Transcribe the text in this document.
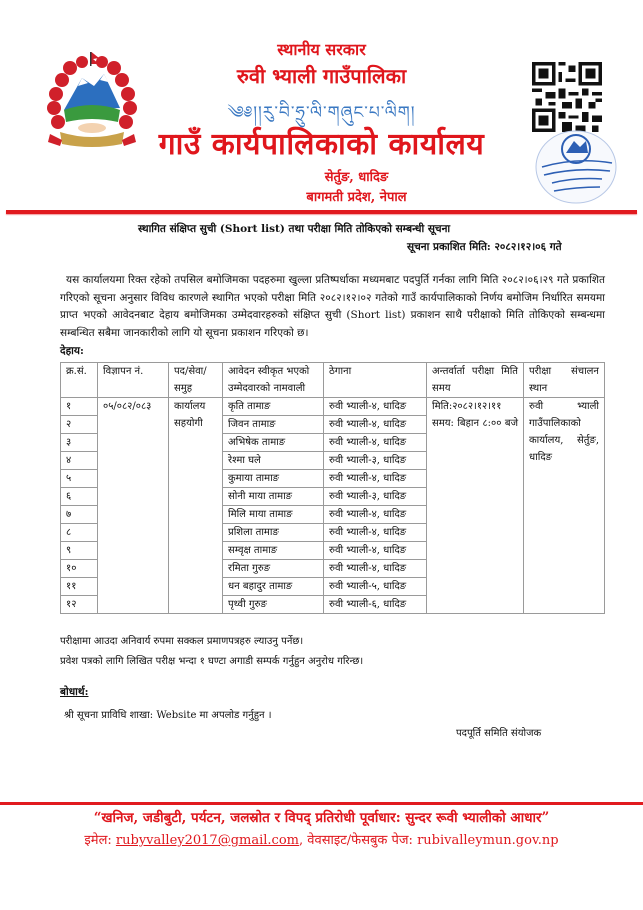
स्थानीय सरकार
रुवी भ्याली गाउँपालिका
༄༅།།རུ་བི་ཧྲུ་ལི་གཞུང་པ་ལིག།
गाउँ कार्यपालिकाको कार्यालय
सेर्तुङ, धादिङ
बागमती प्रदेश, नेपाल
स्थागित संक्षिप्त सुची (Short list) तथा परीक्षा मिति तोकिएको सम्बन्धी सूचना
सूचना प्रकाशित मिति: २०८२।१२।०६ गते
यस कार्यालयमा रिक्त रहेको तपसिल बमोजिमका पदहरुमा खुल्ला प्रतिष्पर्धाका मध्यमबाट पदपुर्ति गर्नका लागि मिति २०८२।०६।२९ गते प्रकाशित गरिएको सूचना अनुसार विविध कारणले स्थागित भएको परीक्षा मिति २०८२।१२।०२ गतेको गाउँ कार्यपालिकाको निर्णय बमोजिम निर्धारित समयमा प्राप्त भएको आवेदनबाट देहाय बमोजिमका उम्मेदवारहरुको संक्षिप्त सुची (Short list) प्रकाशन साथै परीक्षाको मिति तोकिएको सम्बन्धमा सम्बन्धित सबैमा जानकारीको लागि यो सूचना प्रकाशन गरिएको छ।
देहाय:
क्र.सं.	विज्ञापन नं.	पद/सेवा/ समुह	आवेदन स्वीकृत भएको उम्मेदवारको नामवाली	ठेगाना	अन्तर्वार्ता परीक्षा मिति समय	परीक्षा संचालन स्थान
१	०५/०८२/०८३	कार्यालय सहयोगी	कृति तामाङ	रुवी भ्याली-४, धादिङ	मिति:२०८२।१२।११ समय: बिहान ८:०० बजे	रुवी भ्याली गाउँपालिकाको कार्यालय, सेर्तुङ, धादिङ
२			जिवन तामाङ	रुवी भ्याली-४, धादिङ		
३			अभिषेक तामाङ	रुवी भ्याली-४, धादिङ		
४			रेश्मा घले	रुवी भ्याली-३, धादिङ		
५			कुमाया तामाङ	रुवी भ्याली-४, धादिङ		
६			सोनी माया तामाङ	रुवी भ्याली-३, धादिङ		
७			मिलि माया तामाङ	रुवी भ्याली-४, धादिङ		
८			प्रशिला तामाङ	रुवी भ्याली-४, धादिङ		
९			सम्वृक्ष तामाङ	रुवी भ्याली-४, धादिङ		
१०			रमिता गुरुङ	रुवी भ्याली-४, धादिङ		
११			धन बहादुर तामाङ	रुवी भ्याली-५, धादिङ		
१२			पृथ्वी गुरुङ	रुवी भ्याली-६, धादिङ		
परीक्षामा आउदा अनिवार्य रुपमा सक्कल प्रमाणपत्रहरु ल्याउनु पर्नेछ।
प्रवेश पत्रको लागि लिखित परीक्ष भन्दा १ घण्टा अगाडी सम्पर्क गर्नुहुन अनुरोध गरिन्छ।
बोधार्थ:
श्री सूचना प्राविधि शाखा: Website मा अपलोड गर्नुहुन ।
पदपूर्ति समिति संयोजक
“खनिज, जडीबुटी, पर्यटन, जलस्रोत र विपद् प्रतिरोधी पूर्वाधार: सुन्दर रूवी भ्यालीको आधार”
इमेल: rubyvalley2017@gmail.com, वेवसाइट/फेसबुक पेज: rubivalleymun.gov.np
